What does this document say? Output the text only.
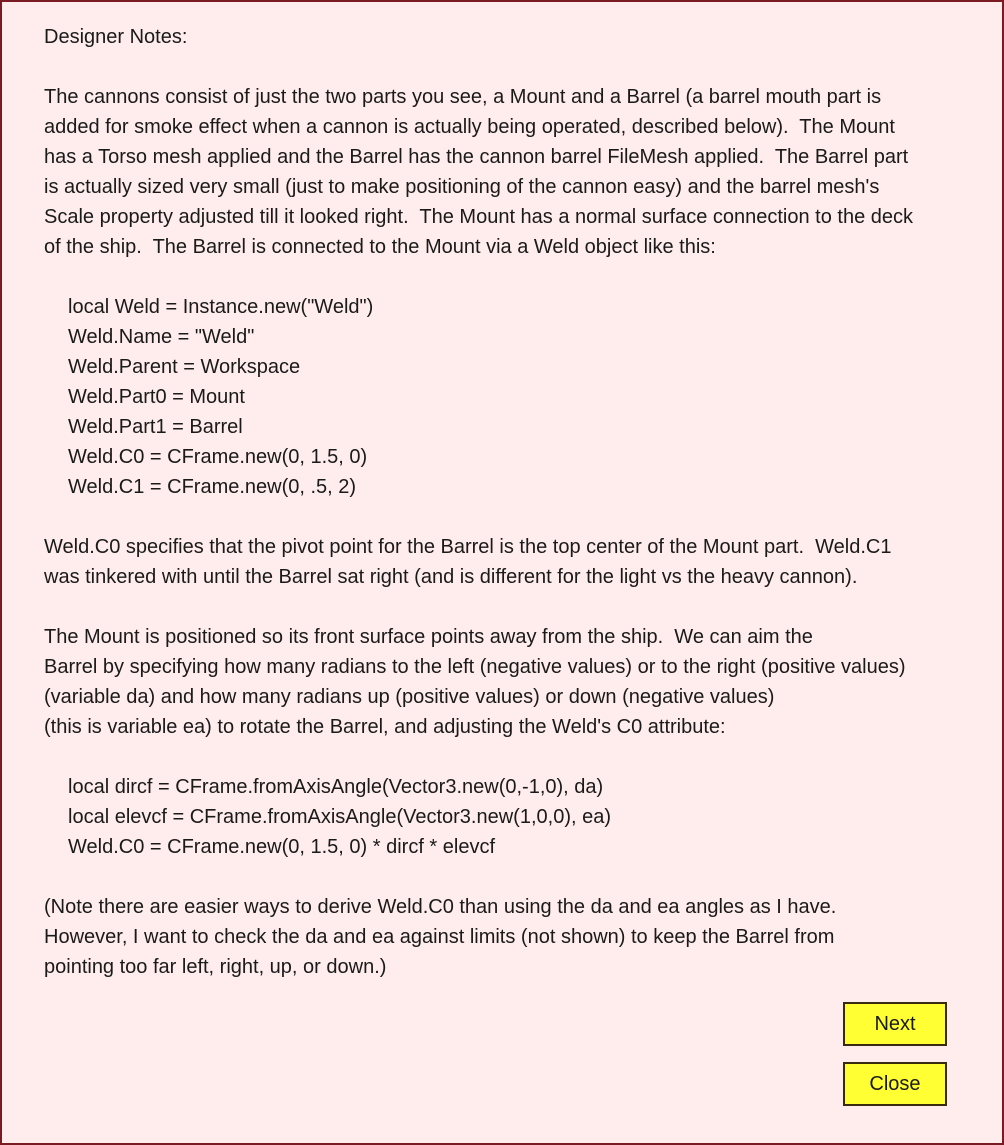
Designer Notes:

The cannons consist of just the two parts you see, a Mount and a Barrel (a barrel mouth part is

added for smoke effect when a cannon is actually being operated, described below).  The Mount

has a Torso mesh applied and the Barrel has the cannon barrel FileMesh applied.  The Barrel part

is actually sized very small (just to make positioning of the cannon easy) and the barrel mesh's

Scale property adjusted till it looked right.  The Mount has a normal surface connection to the deck

of the ship.  The Barrel is connected to the Mount via a Weld object like this:

local Weld = Instance.new("Weld")

Weld.Name = "Weld"

Weld.Parent = Workspace

Weld.Part0 = Mount

Weld.Part1 = Barrel

Weld.C0 = CFrame.new(0, 1.5, 0)

Weld.C1 = CFrame.new(0, .5, 2)

Weld.C0 specifies that the pivot point for the Barrel is the top center of the Mount part.  Weld.C1

was tinkered with until the Barrel sat right (and is different for the light vs the heavy cannon).

The Mount is positioned so its front surface points away from the ship.  We can aim the

Barrel by specifying how many radians to the left (negative values) or to the right (positive values)

(variable da) and how many radians up (positive values) or down (negative values)

(this is variable ea) to rotate the Barrel, and adjusting the Weld's C0 attribute:

local dircf = CFrame.fromAxisAngle(Vector3.new(0,-1,0), da)

local elevcf = CFrame.fromAxisAngle(Vector3.new(1,0,0), ea)

Weld.C0 = CFrame.new(0, 1.5, 0) * dircf * elevcf

(Note there are easier ways to derive Weld.C0 than using the da and ea angles as I have.

However, I want to check the da and ea against limits (not shown) to keep the Barrel from

pointing too far left, right, up, or down.)

Next
Close
